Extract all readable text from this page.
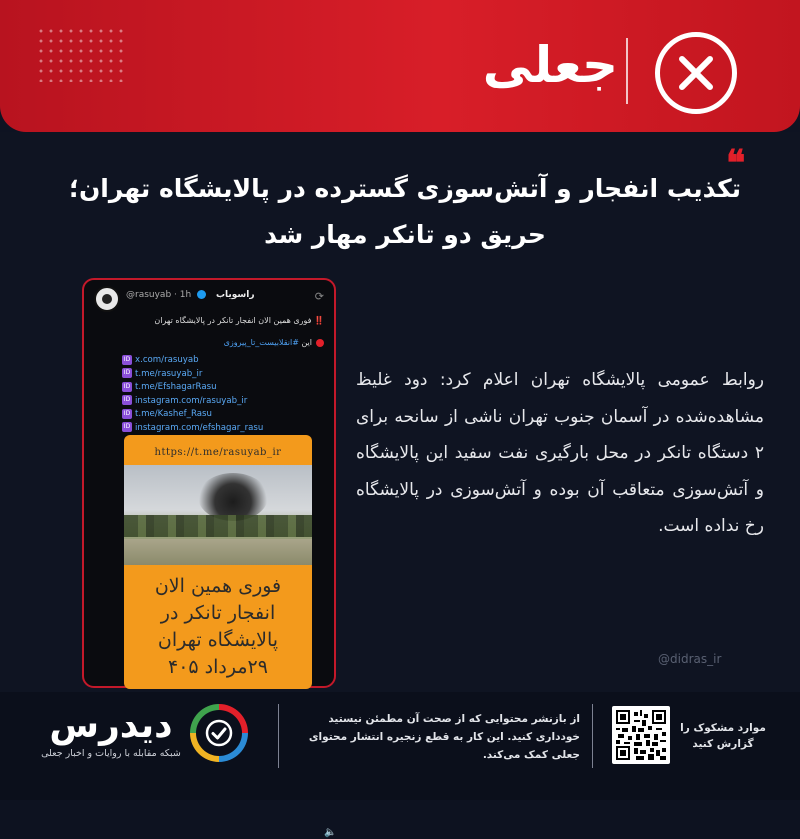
جعلی
❝
تکذیب انفجار و آتش‌سوزی گسترده در پالایشگاه تهران؛ حریق دو تانکر مهار شد
@rasuyab · 1h	راسویاب	⟳
‼️ فوری همین الان انفجار تانکر در پالایشگاه تهران
این #انقلابیست_تا_پیروزی
ID x.com/rasuyab
ID t.me/rasuyab_ir
ID t.me/EfshagarRasu
ID instagram.com/rasuyab_ir
ID t.me/Kashef_Rasu
ID instagram.com/efshagar_rasu
https://t.me/rasuyab_ir
فوری همین الان انفجار تانکر در پالایشگاه تهران ۲۹مرداد ۴۰۵
🔈
روابط عمومی پالایشگاه تهران اعلام کرد: دود غلیظ مشاهده‌شده در آسمان جنوب تهران ناشی از سانحه برای ۲ دستگاه تانکر در محل بارگیری نفت سفید این پالایشگاه و آتش‌سوزی متعاقب آن بوده و آتش‌سوزی در پالایشگاه رخ نداده است.
@didras_ir
دیدرس
شبکه مقابله با روایات و اخبار جعلی
از بازنشر محتوایی که از صحت آن مطمئن نیستید خودداری کنید. این کار به قطع زنجیره انتشار محتوای جعلی کمک می‌کند.
موارد مشکوک را گزارش کنید
